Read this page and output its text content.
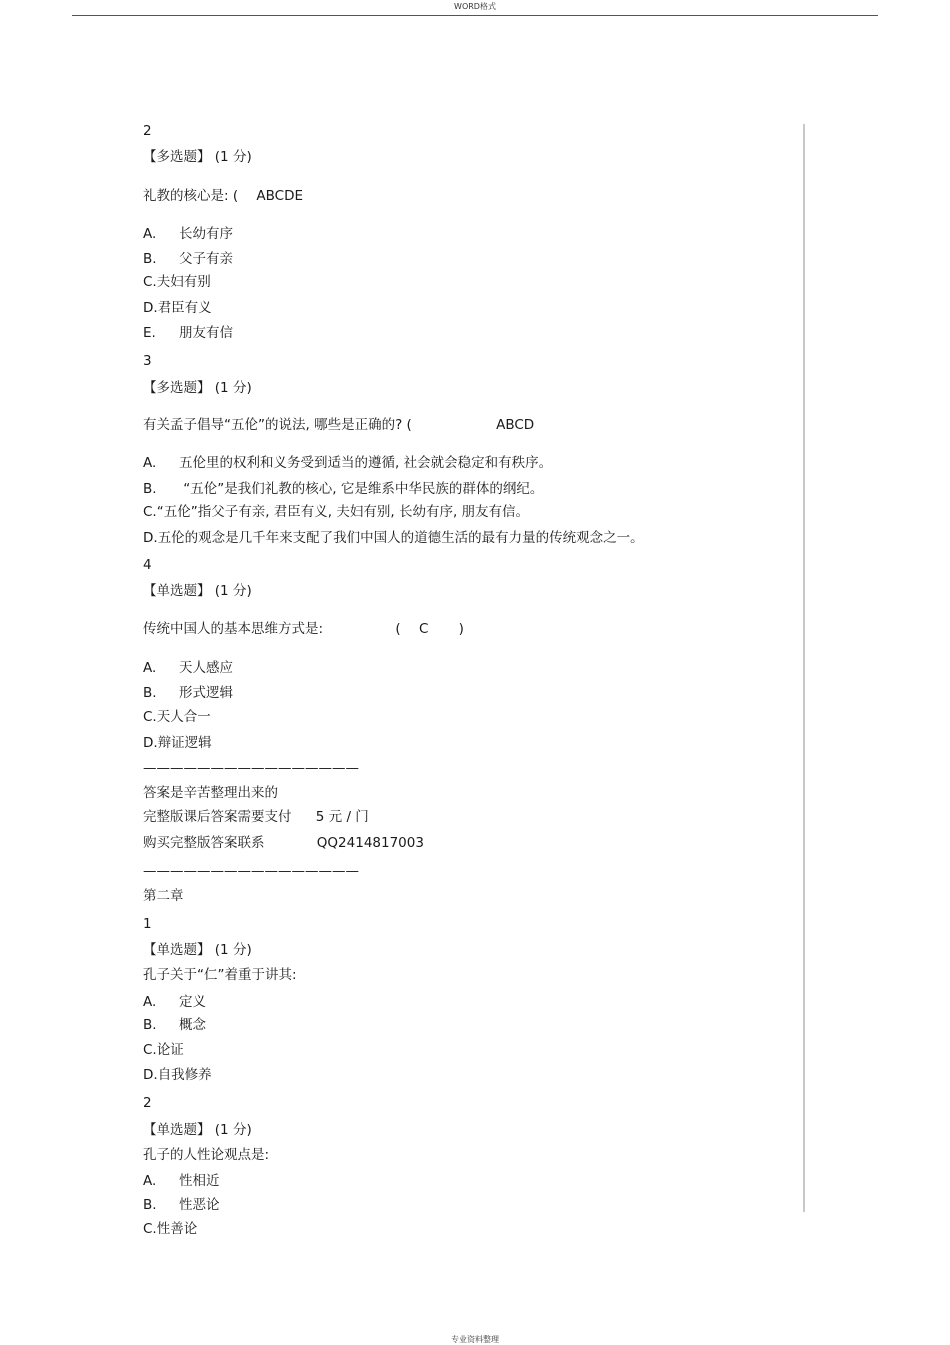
WORD格式
2
【多选题】 (1 分)
礼教的核心是: ( ABCDE
A. 长幼有序
B. 父子有亲
C.夫妇有别
D.君臣有义
E. 朋友有信
3
【多选题】 (1 分)
有关孟子倡导“五伦”的说法, 哪些是正确的? (	ABCD
A. 五伦里的权利和义务受到适当的遵循, 社会就会稳定和有秩序。
B. “五伦”是我们礼教的核心, 它是维系中华民族的群体的纲纪。
C.“五伦”指父子有亲, 君臣有义, 夫妇有别, 长幼有序, 朋友有信。
D.五伦的观念是几千年来支配了我们中国人的道德生活的最有力量的传统观念之一。
4
【单选题】 (1 分)
传统中国人的基本思维方式是:	( C )
A. 天人感应
B. 形式逻辑
C.天人合一
D.辩证逻辑
————————————————
答案是辛苦整理出来的
完整版课后答案需要支付 5 元 / 门
购买完整版答案联系	QQ2414817003
————————————————
第二章
1
【单选题】 (1 分)
孔子关于“仁”着重于讲其:
A. 定义
B. 概念
C.论证
D.自我修养
2
【单选题】 (1 分)
孔子的人性论观点是:
A. 性相近
B. 性恶论
C.性善论
专业资料整理
